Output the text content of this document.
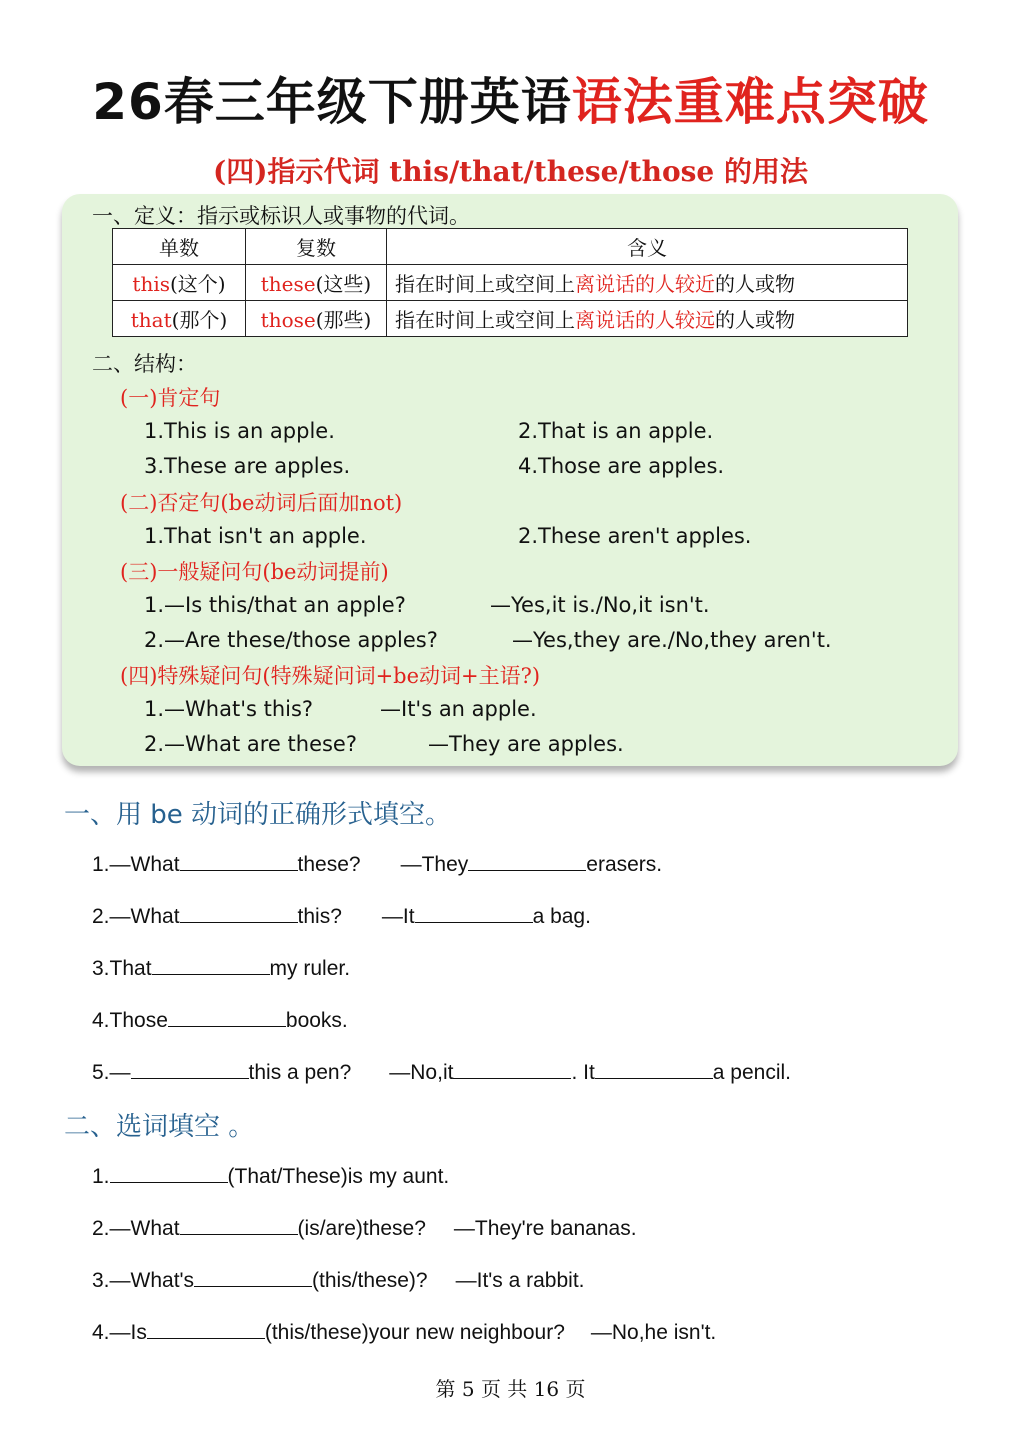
26春三年级下册英语语法重难点突破
(四)指示代词 this/that/these/those 的用法
一、定义：指示或标识人或事物的代词。
单数	复数	含义
this(这个)	these(这些)	指在时间上或空间上离说话的人较近的人或物
that(那个)	those(那些)	指在时间上或空间上离说话的人较远的人或物
二、结构：
(一)肯定句
1.This is an apple.	2.That is an apple.
3.These are apples.	4.Those are apples.
(二)否定句(be动词后面加not)
1.That isn't an apple.	2.These aren't apples.
(三)一般疑问句(be动词提前)
1.—Is this/that an apple?	—Yes,it is./No,it isn't.
2.—Are these/those apples?	—Yes,they are./No,they aren't.
(四)特殊疑问句(特殊疑问词+be动词+主语?)
1.—What's this?	—It's an apple.
2.—What are these?	—They are apples.
一、用 be 动词的正确形式填空。
1.—What	these? —They	erasers.
2.—What	this? —It	a bag.
3.That	my ruler.
4.Those	books.
5.—	this a pen? —No,it	. It	a pencil.
二、选词填空 。
1.	(That/These)is my aunt.
2.—What	(is/are)these? —They're bananas.
3.—What's	(this/these)? —It's a rabbit.
4.—Is	(this/these)your new neighbour? —No,he isn't.
第 5 页 共 16 页
